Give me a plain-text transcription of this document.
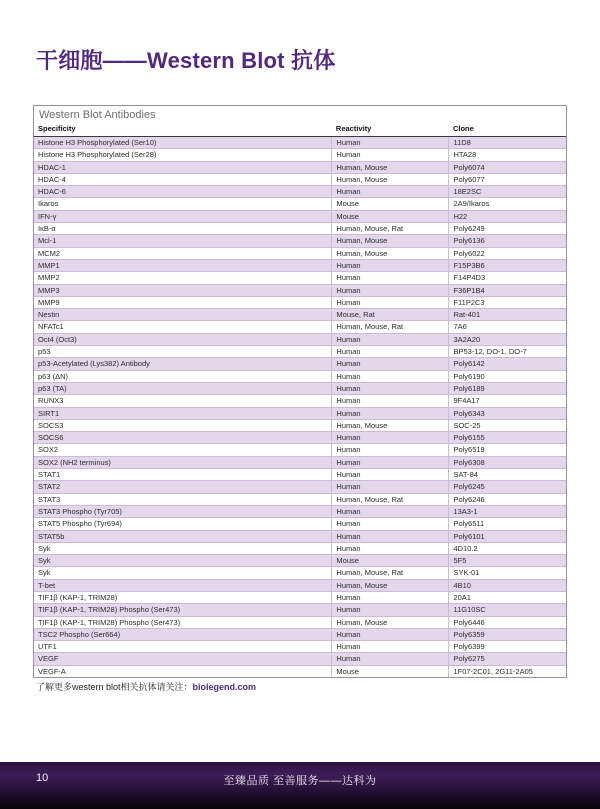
干细胞——Western Blot 抗体
Western Blot Antibodies
Specificity	Reactivity	Clone
Histone H3 Phosphorylated (Ser10)	Human	11D8
Histone H3 Phosphorylated (Ser28)	Human	HTA28
HDAC-1	Human, Mouse	Poly6074
HDAC-4	Human, Mouse	Poly6077
HDAC-6	Human	18E2SC
Ikaros	Mouse	2A9/Ikaros
IFN-γ	Mouse	H22
IκB-α	Human, Mouse, Rat	Poly6249
Mcl-1	Human, Mouse	Poly6136
MCM2	Human, Mouse	Poly6022
MMP1	Human	F15P3B6
MMP2	Human	F14P4D3
MMP3	Human	F36P1B4
MMP9	Human	F11P2C3
Nestin	Mouse, Rat	Rat-401
NFATc1	Human, Mouse, Rat	7A6
Oct4 (Oct3)	Human	3A2A20
p53	Human	BP53-12, DO-1, DO-7
p53-Acetylated (Lys382) Antibody	Human	Poly6142
p63 (ΔN)	Human	Poly6190
p63 (TA)	Human	Poly6189
RUNX3	Human	9F4A17
SIRT1	Human	Poly6343
SOCS3	Human, Mouse	SOC-25
SOCS6	Human	Poly6155
SOX2	Human	Poly6519
SOX2 (NH2 terminus)	Human	Poly6308
STAT1	Human	SAT-84
STAT2	Human	Poly6245
STAT3	Human, Mouse, Rat	Poly6246
STAT3 Phospho (Tyr705)	Human	13A3-1
STAT5 Phospho (Tyr694)	Human	Poly6511
STAT5b	Human	Poly6101
Syk	Human	4D10.2
Syk	Mouse	5F5
Syk	Human, Mouse, Rat	SYK-01
T-bet	Human, Mouse	4B10
TIF1β (KAP-1, TRIM28)	Human	20A1
TIF1β (KAP-1, TRIM28) Phospho (Ser473)	Human	11G10SC
TIF1β (KAP-1, TRIM28) Phospho (Ser473)	Human, Mouse	Poly6446
TSC2 Phospho (Ser664)	Human	Poly6359
UTF1	Human	Poly6399
VEGF	Human	Poly6275
VEGF-A	Mouse	1F07-2C01, 2G11-2A05
了解更多western blot相关抗体请关注：biolegend.com
10	至臻品质 至善服务——达科为
